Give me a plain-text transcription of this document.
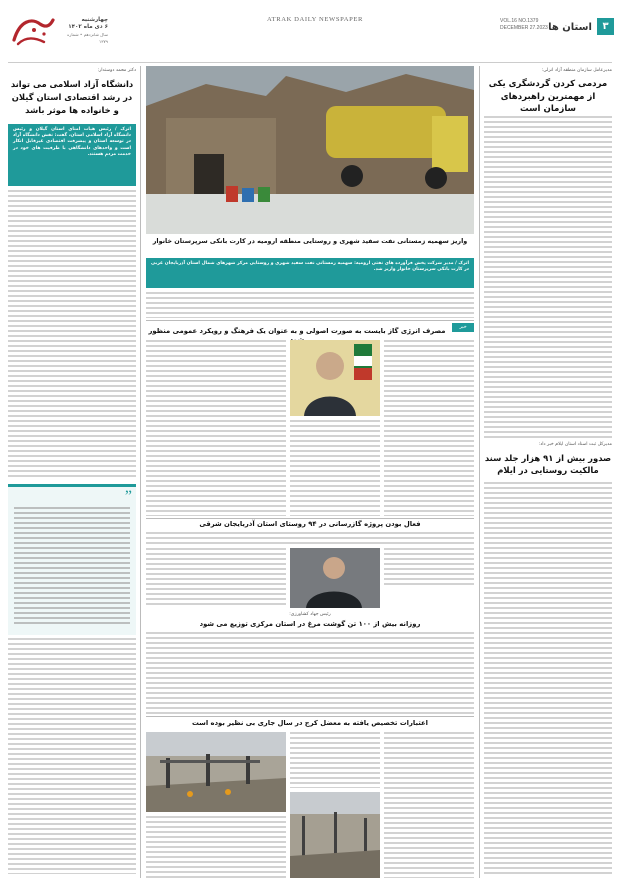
۳
استان ها
VOL.16 NO.1379
DECEMBER 27.2023
ATRAK DAILY NEWSPAPER
چهارشنبه
۶ دی ماه ۱۴۰۲
سال شانزدهم • شماره ۱۳۷۹
مدیرعامل سازمان منطقه آزاد انزلی:
مردمی کردن گردشگری یکی از مهمترین راهبردهای سازمان است
مدیرکل ثبت اسناد استان ایلام خبر داد:
صدور بیش از ۹۱ هزار جلد سند مالکیت روستایی در ایلام
دکتر محمد دوستدار:
دانشگاه آزاد اسلامی می تواند در رشد اقتصادی استان گیلان و خانواده ها موثر باشد
اترک / رئیس هیات امنای استان گیلان و رئیس دانشگاه آزاد اسلامی استان، گفت: نقش دانشگاه آزاد در توسعه استان و پیشرفت اقتصادی غیرقابل انکار است و واحدهای دانشگاهی با ظرفیت های خود در خدمت مردم هستند.
”
واریز سهمیه زمستانی نفت سفید شهری و روستایی منطقه ارومیه در کارت بانکی سرپرستان خانوار
اترک / مدیر شرکت پخش فرآورده های نفتی ارومیه: سهمیه زمستانی نفت سفید شهری و روستایی مرکز شهرهای شمال استان آذربایجان غربی در کارت بانکی سرپرستان خانوار واریز شد.
خبر
مصرف انرژی گاز بایست به صورت اصولی و به عنوان یک فرهنگ و رویکرد عمومی منظور
فعال بودن پروژه گازرسانی در ۹۴ روستای استان آذربایجان شرقی
رئیس جهاد کشاورزی:
روزانه بیش از ۱۰۰ تن گوشت مرغ در استان مرکزی توزیع می شود
اعتبارات تخصیص یافته به معضل کرج در سال جاری بی نظیر بوده است
